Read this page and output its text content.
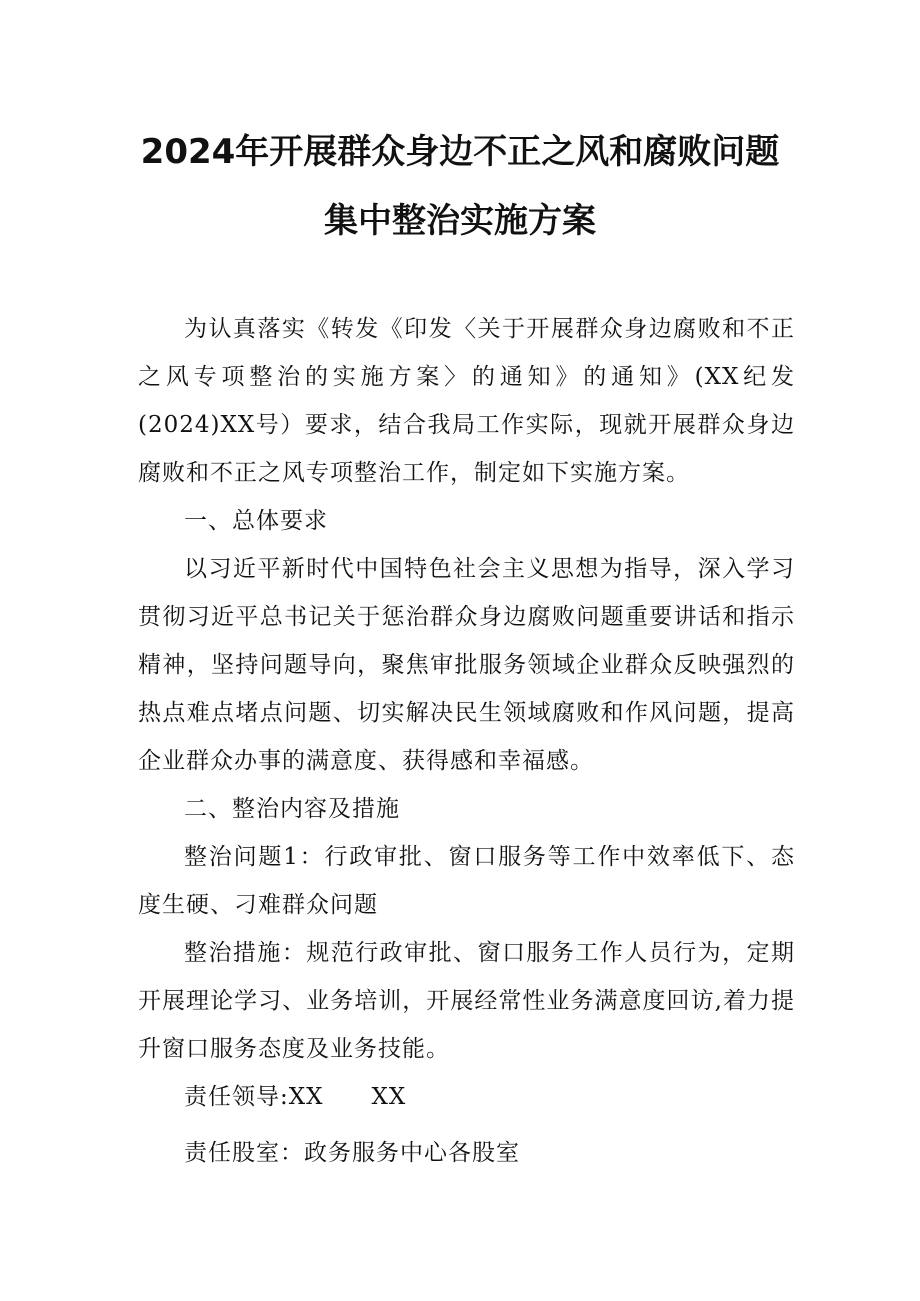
2024年开展群众身边不正之风和腐败问题
集中整治实施方案

为认真落实《转发《印发〈关于开展群众身边腐败和不正之风专项整治的实施方案〉的通知》的通知》(XX纪发(2024)XX号）要求，结合我局工作实际，现就开展群众身边腐败和不正之风专项整治工作，制定如下实施方案。

一、总体要求

以习近平新时代中国特色社会主义思想为指导，深入学习贯彻习近平总书记关于惩治群众身边腐败问题重要讲话和指示精神，坚持问题导向，聚焦审批服务领域企业群众反映强烈的热点难点堵点问题、切实解决民生领域腐败和作风问题，提高企业群众办事的满意度、获得感和幸福感。

二、整治内容及措施

整治问题1：行政审批、窗口服务等工作中效率低下、态度生硬、刁难群众问题

整治措施：规范行政审批、窗口服务工作人员行为，定期开展理论学习、业务培训，开展经常性业务满意度回访,着力提升窗口服务态度及业务技能。

责任领导:XX XX

责任股室：政务服务中心各股室
